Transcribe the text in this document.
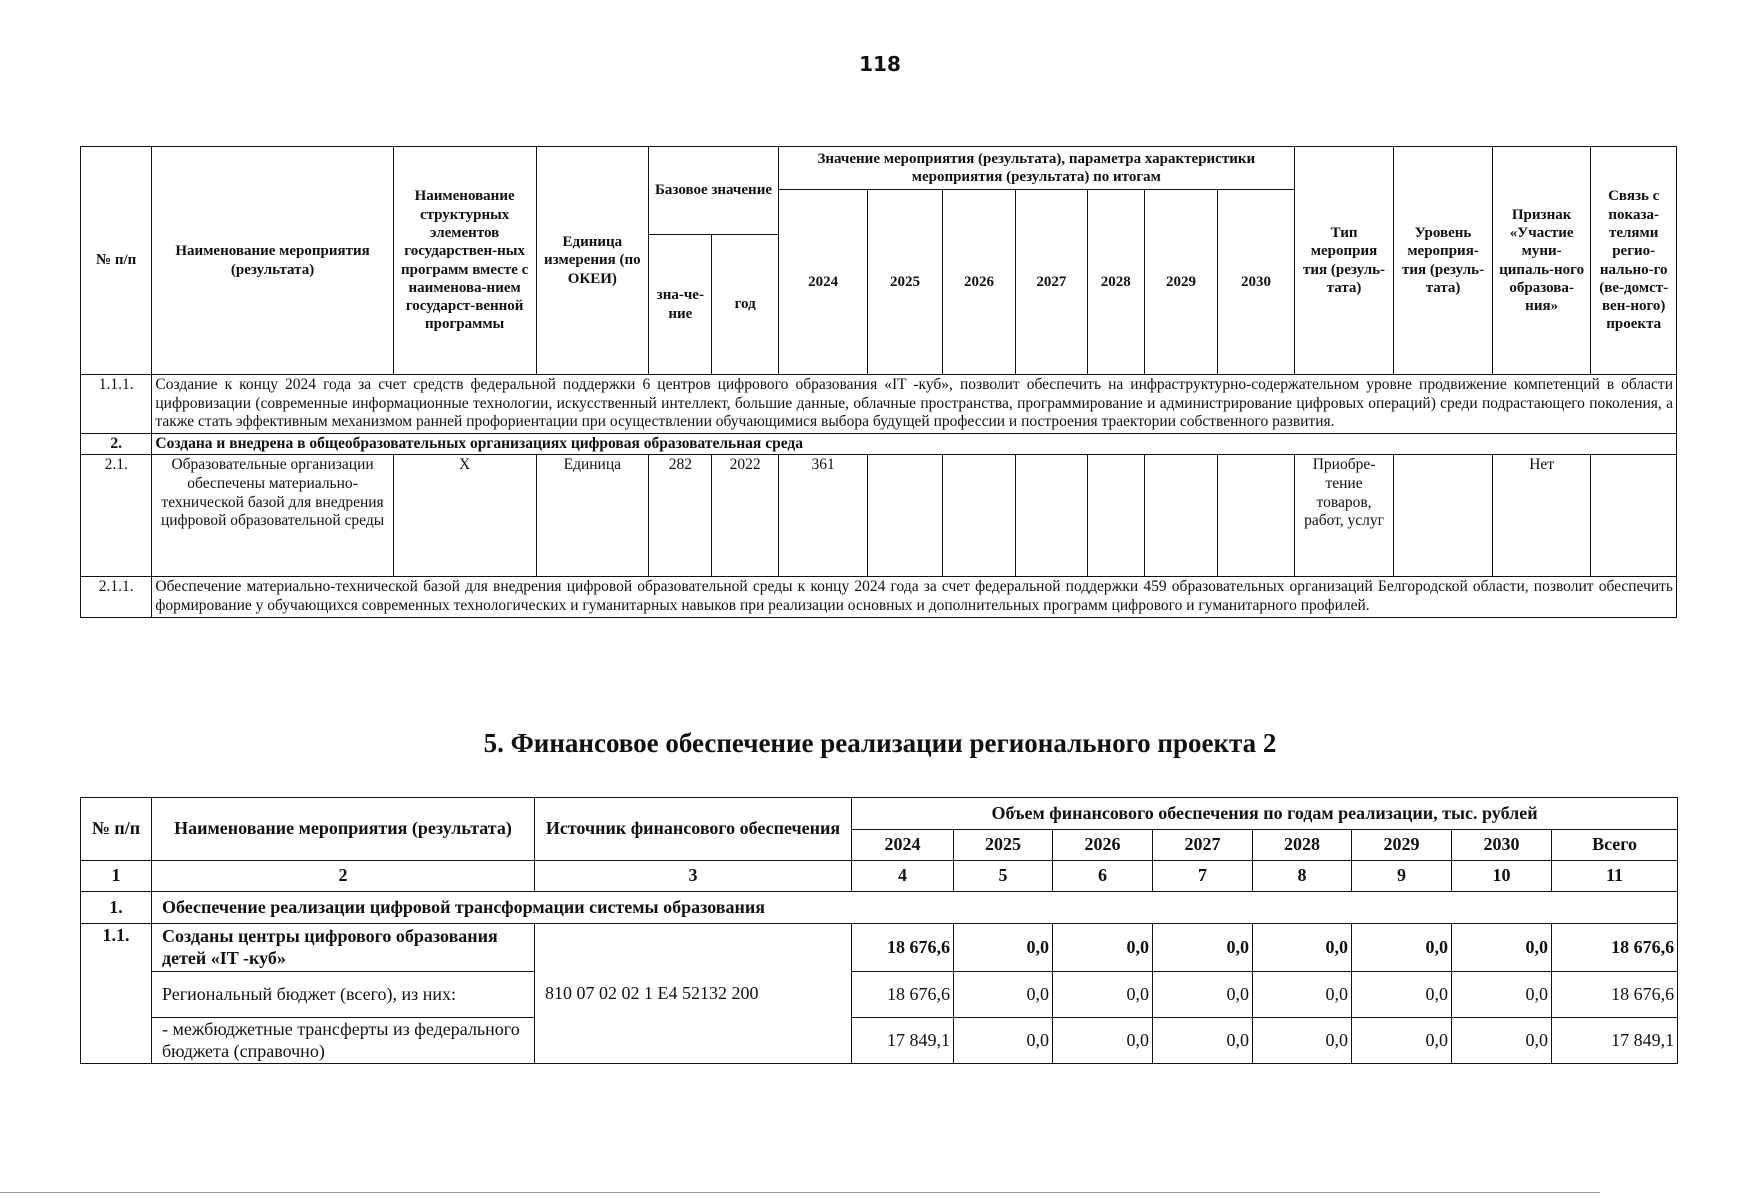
118
№ п/п	Наименование мероприятия (результата)	Наименование структурных элементов государствен-ных программ вместе с наименова-нием государст-венной программы	Единица измерения (по ОКЕИ)	Базовое значение		Значение мероприятия (результата), параметра характеристики мероприятия (результата) по итогам							Тип мероприя тия (резуль-тата)	Уровень мероприя-тия (резуль-тата)	Признак «Участие муни-ципаль-ного образова-ния»	Связь с показа-телями регио-нально-го (ве-домст-вен-ного) проекта
						2024	2025	2026	2027	2028	2029	2030				
				зна-че-ние	год											
1.1.1.	Создание к концу 2024 года за счет средств федеральной поддержки 6 центров цифрового образования «IT -куб», позволит обеспечить на инфраструктурно-содержательном уровне продвижение компетенций в области цифровизации (современные информационные технологии, искусственный интеллект, большие данные, облачные пространства, программирование и администрирование цифровых операций) среди подрастающего поколения, а также стать эффективным механизмом ранней профориентации при осуществлении обучающимися выбора будущей профессии и построения траектории собственного развития.															
2.	Создана и внедрена в общеобразовательных организациях цифровая образовательная среда															
2.1.	Образовательные организации обеспечены материально-технической базой для внедрения цифровой образовательной среды	X	Единица	282	2022	361							Приобре-тение товаров, работ, услуг		Нет	
2.1.1.	Обеспечение материально-технической базой для внедрения цифровой образовательной среды к концу 2024 года за счет федеральной поддержки 459 образовательных организаций Белгородской области, позволит обеспечить формирование у обучающихся современных технологических и гуманитарных навыков при реализации основных и дополнительных программ цифрового и гуманитарного профилей.															
5. Финансовое обеспечение реализации регионального проекта 2
№ п/п	Наименование мероприятия (результата)	Источник финансового обеспечения	Объем финансового обеспечения по годам реализации, тыс. рублей							
			2024	2025	2026	2027	2028	2029	2030	Всего
1	2	3	4	5	6	7	8	9	10	11
1.	Обеспечение реализации цифровой трансформации системы образования									
1.1.	Созданы центры цифрового образования детей «IT -куб»	810 07 02 02 1 E4 52132 200	18 676,6	0,0	0,0	0,0	0,0	0,0	0,0	18 676,6
	Региональный бюджет (всего), из них:		18 676,6	0,0	0,0	0,0	0,0	0,0	0,0	18 676,6
	- межбюджетные трансферты из федерального бюджета (справочно)		17 849,1	0,0	0,0	0,0	0,0	0,0	0,0	17 849,1
